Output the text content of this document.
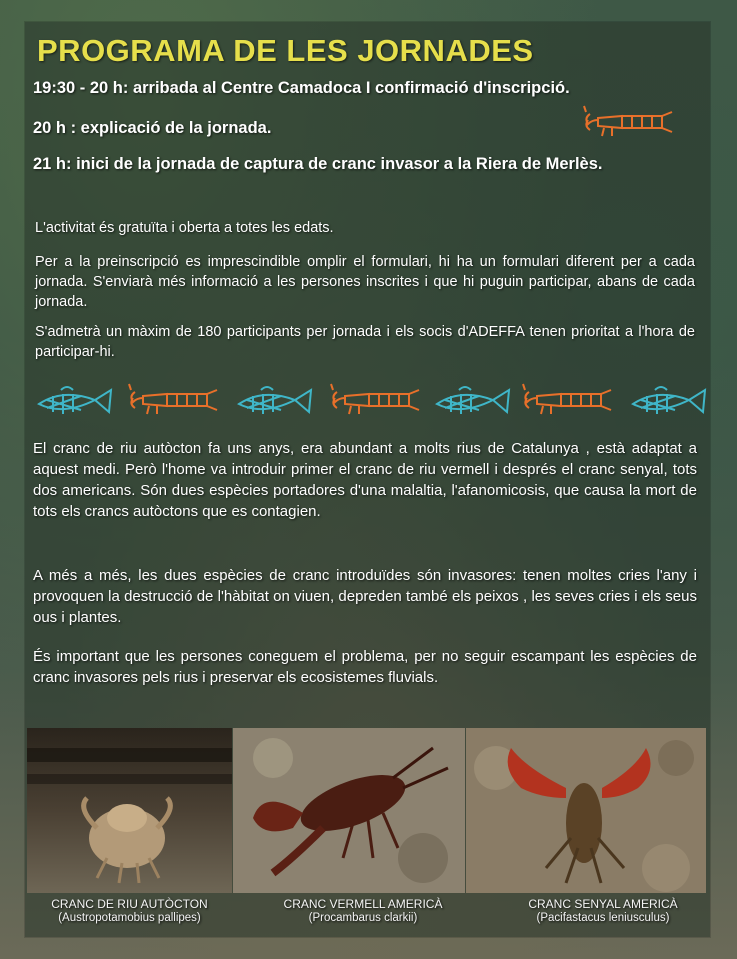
PROGRAMA DE LES JORNADES
19:30 - 20 h: arribada al Centre Camadoca I confirmació d'inscripció.
20 h : explicació de la jornada.
21 h: inici de la jornada de captura de cranc invasor a la Riera de Merlès.

L'activitat és gratuïta i oberta a totes les edats.

Per a la preinscripció es imprescindible omplir el formulari, hi ha un formulari diferent per a cada jornada. S'enviarà més informació a les persones inscrites i que hi puguin participar, abans de cada jornada.

S'admetrà un màxim de 180 participants per jornada i els socis d'ADEFFA tenen prioritat a l'hora de participar-hi.

El cranc de riu autòcton fa uns anys, era abundant a molts rius de Catalunya , està adaptat a aquest medi. Però l'home va introduir primer el cranc de riu vermell i després el cranc senyal, tots dos americans. Són dues espècies portadores d'una malaltia, l'afanomicosis, que causa la mort de tots els crancs autòctons que es contagien.

A més a més, les dues espècies de cranc introduïdes són invasores: tenen moltes cries l'any i provoquen la destrucció de l'hàbitat on viuen, depreden també els peixos , les seves cries i els seus ous i plantes.

És important que les persones coneguem el problema, per no seguir escampant les espècies de cranc invasores pels rius i preservar els ecosistemes fluvials.

CRANC DE RIU AUTÒCTON
(Austropotamobius pallipes)
CRANC VERMELL AMERICÀ
(Procambarus clarkii)
CRANC SENYAL AMERICÀ
(Pacifastacus leniusculus)
